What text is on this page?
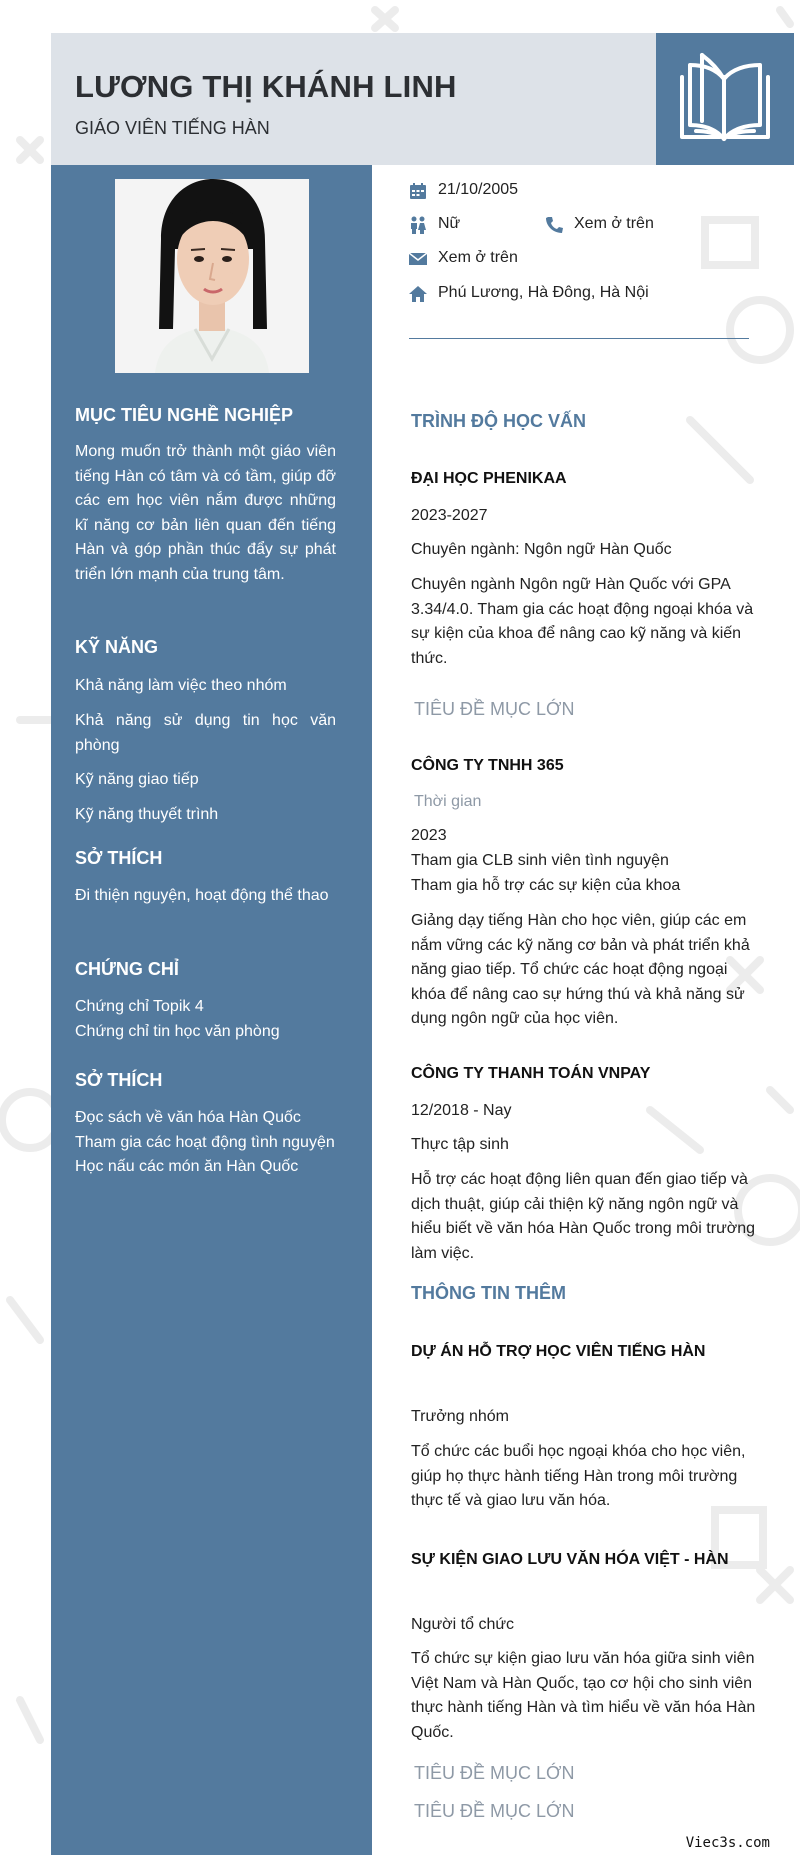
LƯƠNG THỊ KHÁNH LINH
GIÁO VIÊN TIẾNG HÀN
MỤC TIÊU NGHỀ NGHIỆP
Mong muốn trở thành một giáo viên tiếng Hàn có tâm và có tầm, giúp đỡ các em học viên nắm được những kĩ năng cơ bản liên quan đến tiếng Hàn và góp phần thúc đẩy sự phát triển lớn mạnh của trung tâm.
KỸ NĂNG
Khả năng làm việc theo nhóm
Khả năng sử dụng tin học văn phòng
Kỹ năng giao tiếp
Kỹ năng thuyết trình
SỞ THÍCH
Đi thiện nguyện, hoạt động thể thao
CHỨNG CHỈ
Chứng chỉ Topik 4
Chứng chỉ tin học văn phòng
SỞ THÍCH
Đọc sách về văn hóa Hàn Quốc
Tham gia các hoạt động tình nguyện
Học nấu các món ăn Hàn Quốc
21/10/2005
Nữ	Xem ở trên
Xem ở trên
Phú Lương, Hà Đông, Hà Nội
TRÌNH ĐỘ HỌC VẤN
ĐẠI HỌC PHENIKAA
2023-2027
Chuyên ngành: Ngôn ngữ Hàn Quốc
Chuyên ngành Ngôn ngữ Hàn Quốc với GPA 3.34/4.0. Tham gia các hoạt động ngoại khóa và sự kiện của khoa để nâng cao kỹ năng và kiến thức.
TIÊU ĐỀ MỤC LỚN
CÔNG TY TNHH 365
Thời gian
2023
Tham gia CLB sinh viên tình nguyện
Tham gia hỗ trợ các sự kiện của khoa
Giảng dạy tiếng Hàn cho học viên, giúp các em nắm vững các kỹ năng cơ bản và phát triển khả năng giao tiếp. Tổ chức các hoạt động ngoại khóa để nâng cao sự hứng thú và khả năng sử dụng ngôn ngữ của học viên.
CÔNG TY THANH TOÁN VNPAY
12/2018 - Nay
Thực tập sinh
Hỗ trợ các hoạt động liên quan đến giao tiếp và dịch thuật, giúp cải thiện kỹ năng ngôn ngữ và hiểu biết về văn hóa Hàn Quốc trong môi trường làm việc.
THÔNG TIN THÊM
DỰ ÁN HỖ TRỢ HỌC VIÊN TIẾNG HÀN
Trưởng nhóm
Tổ chức các buổi học ngoại khóa cho học viên, giúp họ thực hành tiếng Hàn trong môi trường thực tế và giao lưu văn hóa.
SỰ KIỆN GIAO LƯU VĂN HÓA VIỆT - HÀN
Người tổ chức
Tổ chức sự kiện giao lưu văn hóa giữa sinh viên Việt Nam và Hàn Quốc, tạo cơ hội cho sinh viên thực hành tiếng Hàn và tìm hiểu về văn hóa Hàn Quốc.
TIÊU ĐỀ MỤC LỚN
TIÊU ĐỀ MỤC LỚN
Viec3s.com
